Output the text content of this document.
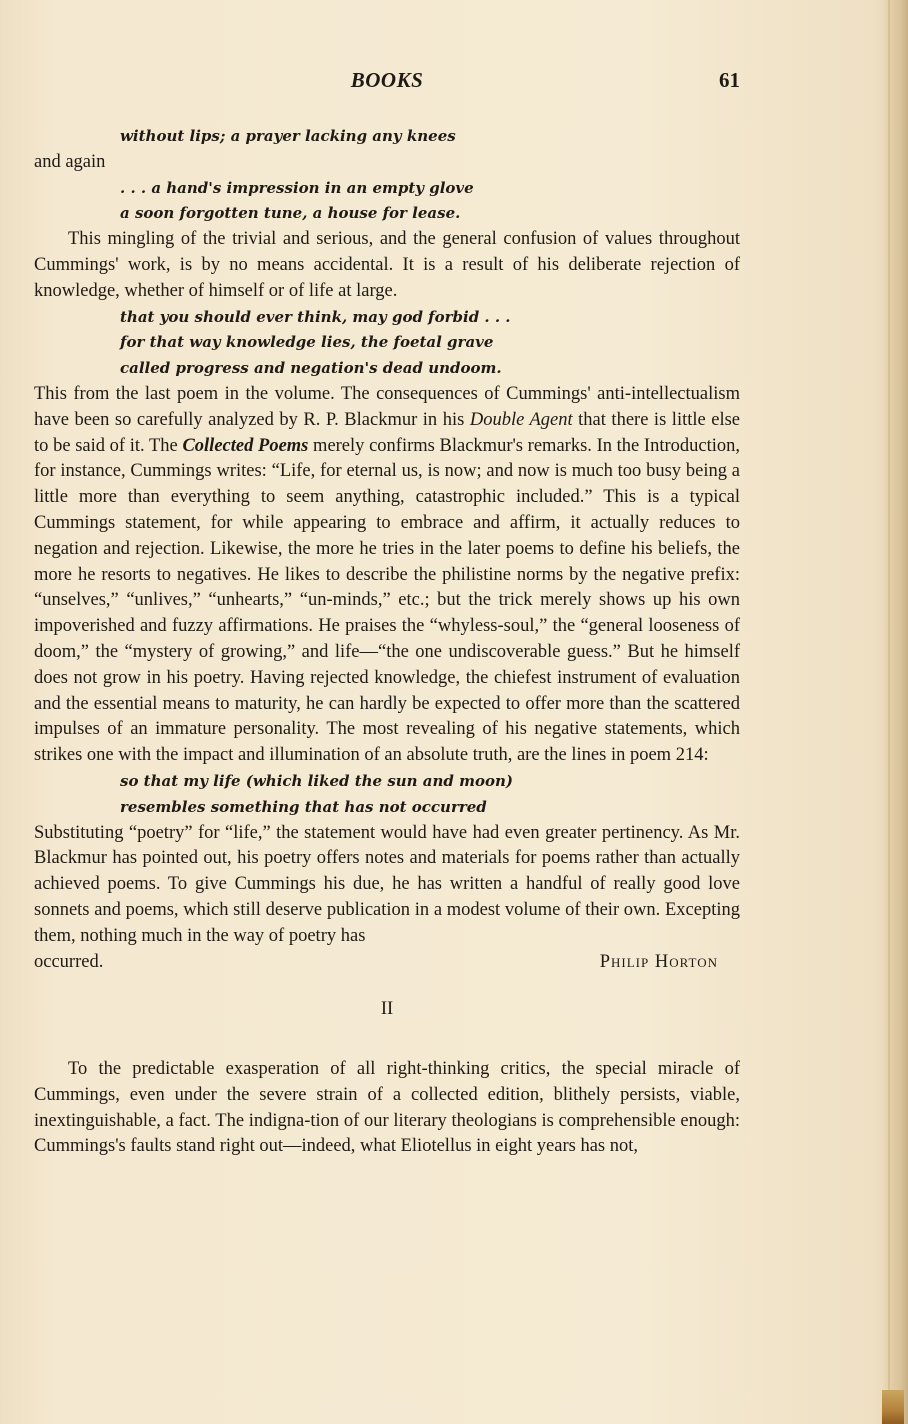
BOOKS	61
without lips; a prayer lacking any knees

and again

. . . a hand's impression in an empty glove
a soon forgotten tune, a house for lease.

This mingling of the trivial and serious, and the general confusion of values throughout Cummings' work, is by no means accidental. It is a result of his deliberate rejection of knowledge, whether of himself or of life at large.

that you should ever think, may god forbid . . .
for that way knowledge lies, the foetal grave
called progress and negation's dead undoom.

This from the last poem in the volume. The consequences of Cummings' anti-intellectualism have been so carefully analyzed by R. P. Blackmur in his Double Agent that there is little else to be said of it. The Collected Poems merely confirms Blackmur's remarks. In the Introduction, for instance, Cummings writes: “Life, for eternal us, is now; and now is much too busy being a little more than everything to seem anything, catastrophic included.” This is a typical Cummings statement, for while appearing to embrace and affirm, it actually reduces to negation and rejection. Likewise, the more he tries in the later poems to define his beliefs, the more he resorts to negatives. He likes to describe the philistine norms by the negative prefix: “unselves,” “unlives,” “unhearts,” “un-minds,” etc.; but the trick merely shows up his own impoverished and fuzzy affirmations. He praises the “whyless-soul,” the “general looseness of doom,” the “mystery of growing,” and life—“the one undiscoverable guess.” But he himself does not grow in his poetry. Having rejected knowledge, the chiefest instrument of evaluation and the essential means to maturity, he can hardly be expected to offer more than the scattered impulses of an immature personality. The most revealing of his negative statements, which strikes one with the impact and illumination of an absolute truth, are the lines in poem 214:

so that my life (which liked the sun and moon)
resembles something that has not occurred

Substituting “poetry” for “life,” the statement would have had even greater pertinency. As Mr. Blackmur has pointed out, his poetry offers notes and materials for poems rather than actually achieved poems. To give Cummings his due, he has written a handful of really good love sonnets and poems, which still deserve publication in a modest volume of their own. Excepting them, nothing much in the way of poetry has

occurred.	Philip Horton
II

To the predictable exasperation of all right-thinking critics, the special miracle of Cummings, even under the severe strain of a collected edition, blithely persists, viable, inextinguishable, a fact. The indigna-tion of our literary theologians is comprehensible enough: Cummings's faults stand right out—indeed, what Eliotellus in eight years has not,
